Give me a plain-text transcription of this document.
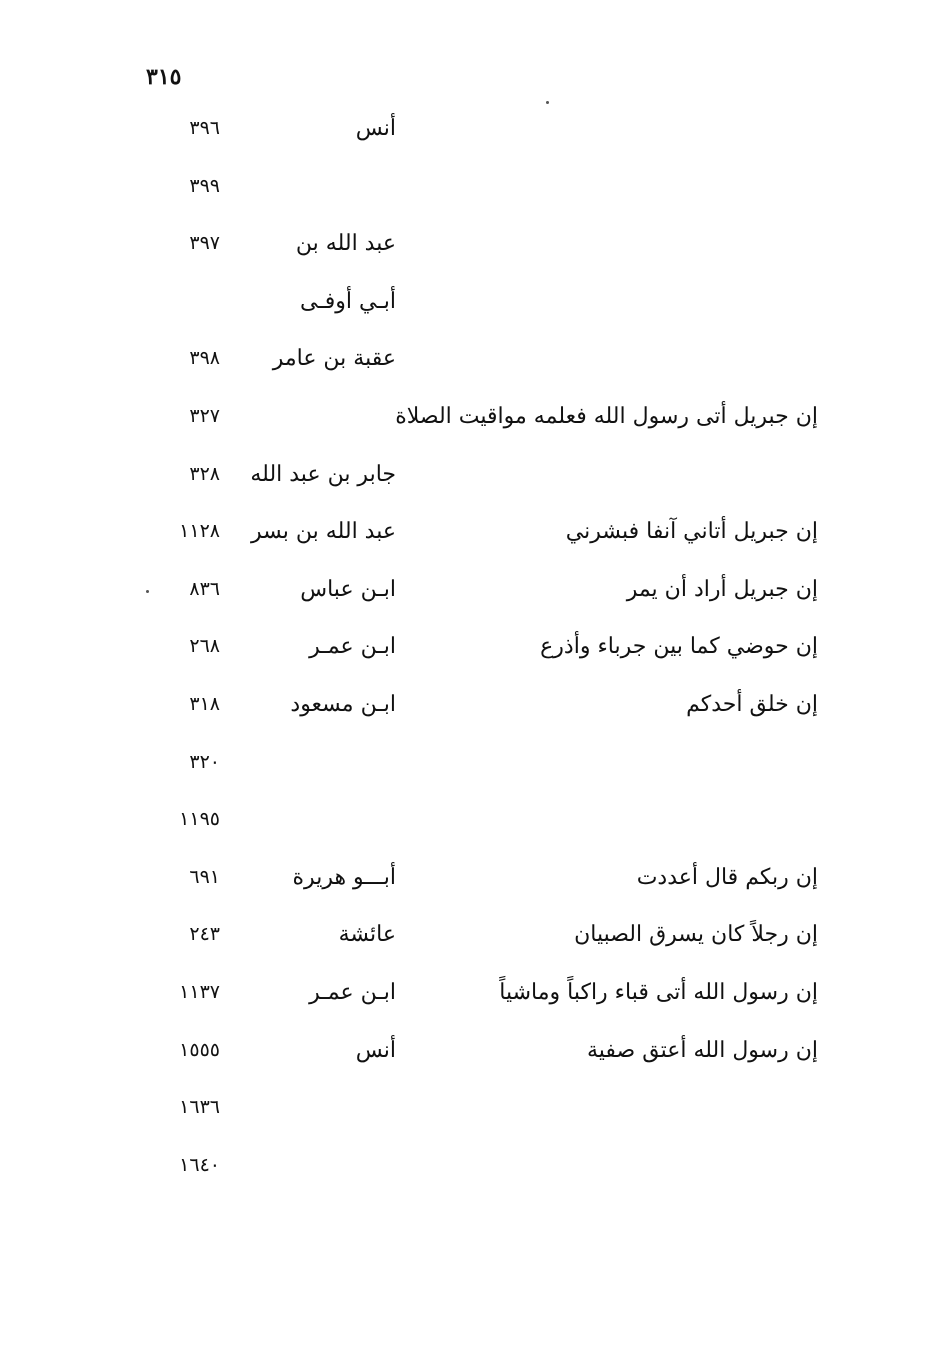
٣١٥
أنس
٣٩٦
٣٩٩
عبد الله بن
٣٩٧
أبـي أوفـى
عقبة بن عامر
٣٩٨
إن جبريل أتى رسول الله فعلمه مواقيت الصلاة
٣٢٧
جابر بن عبد الله
٣٢٨
إن جبريل أتاني آنفا فبشرني
عبد الله بن بسر
١١٢٨
إن جبريل أراد أن يمر
ابـن عباس
٨٣٦
إن حوضي كما بين جرباء وأذرع
ابـن عمـر
٢٦٨
إن خلق أحدكم
ابـن مسعود
٣١٨
٣٢٠
١١٩٥
إن ربكم قال أعددت
أبـــو هريرة
٦٩١
إن رجلاً كان يسرق الصبيان
عائشة
٢٤٣
إن رسول الله أتى قباء راكباً وماشياً
ابـن عمـر
١١٣٧
إن رسول الله أعتق صفية
أنس
١٥٥٥
١٦٣٦
١٦٤٠
